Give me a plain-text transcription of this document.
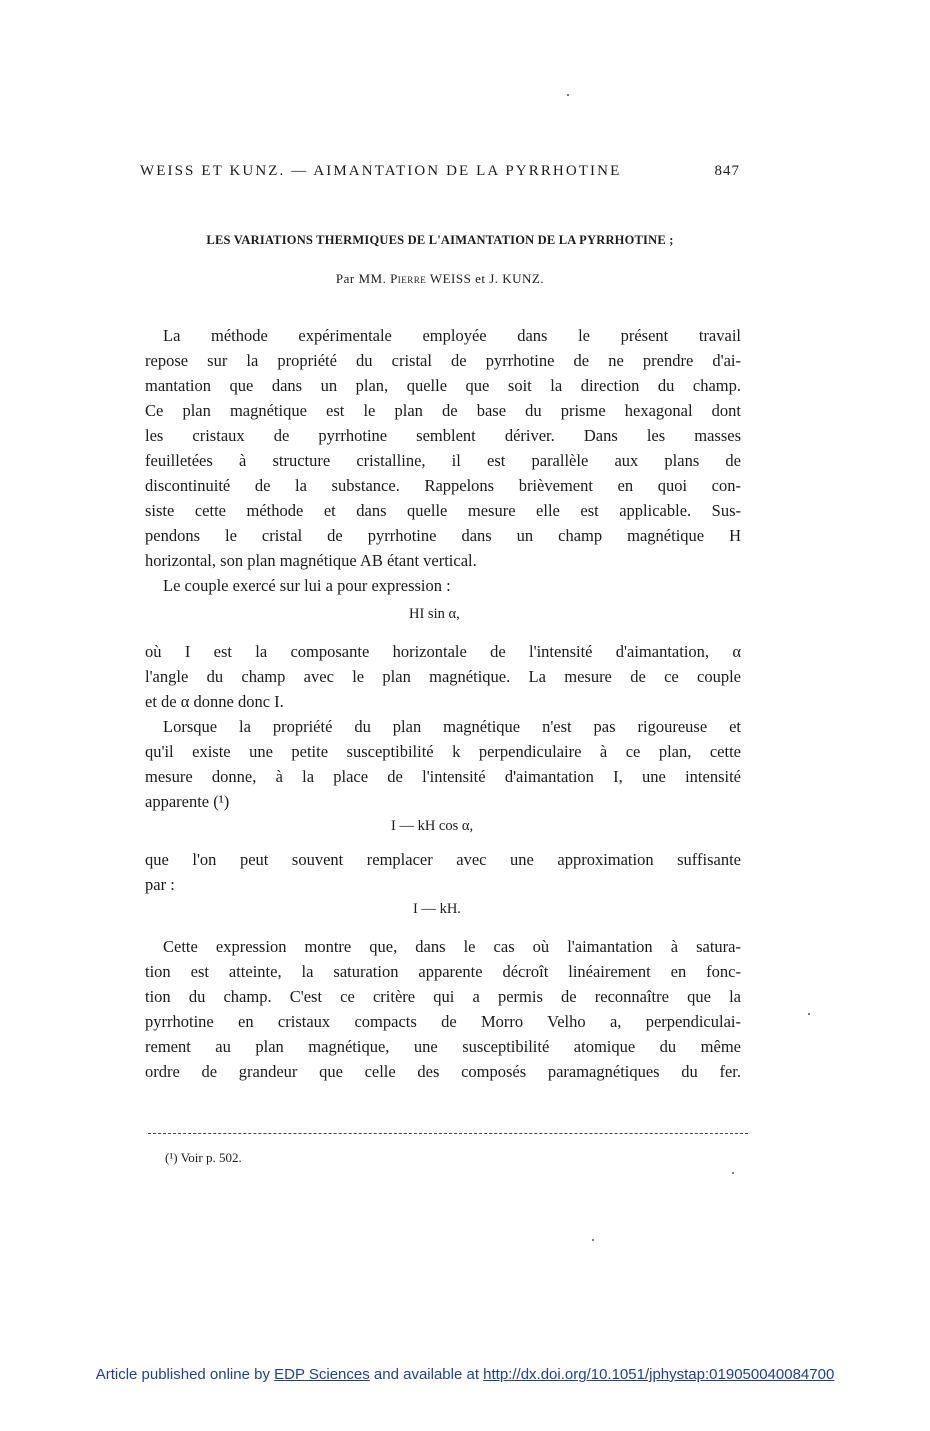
WEISS ET KUNZ. — AIMANTATION DE LA PYRRHOTINE	847
LES VARIATIONS THERMIQUES DE L'AIMANTATION DE LA PYRRHOTINE ;
Par MM. Pierre WEISS et J. KUNZ.
La méthode expérimentale employée dans le présent travail
repose sur la propriété du cristal de pyrrhotine de ne prendre d'ai-
mantation que dans un plan, quelle que soit la direction du champ.
Ce plan magnétique est le plan de base du prisme hexagonal dont
les cristaux de pyrrhotine semblent dériver. Dans les masses
feuilletées à structure cristalline, il est parallèle aux plans de
discontinuité de la substance. Rappelons brièvement en quoi con-
siste cette méthode et dans quelle mesure elle est applicable. Sus-
pendons le cristal de pyrrhotine dans un champ magnétique H
horizontal, son plan magnétique AB étant vertical.
Le couple exercé sur lui a pour expression :
HI sin α,
où I est la composante horizontale de l'intensité d'aimantation, α
l'angle du champ avec le plan magnétique. La mesure de ce couple
et de α donne donc I.
Lorsque la propriété du plan magnétique n'est pas rigoureuse et
qu'il existe une petite susceptibilité k perpendiculaire à ce plan, cette
mesure donne, à la place de l'intensité d'aimantation I, une intensité
apparente (¹)
I — kH cos α,
que l'on peut souvent remplacer avec une approximation suffisante
par :
I — kH.
Cette expression montre que, dans le cas où l'aimantation à satura-
tion est atteinte, la saturation apparente décroît linéairement en fonc-
tion du champ. C'est ce critère qui a permis de reconnaître que la
pyrrhotine en cristaux compacts de Morro Velho a, perpendiculai-
rement au plan magnétique, une susceptibilité atomique du même
ordre de grandeur que celle des composés paramagnétiques du fer.
(¹) Voir p. 502.
Article published online by EDP Sciences and available at http://dx.doi.org/10.1051/jphystap:019050040084700
